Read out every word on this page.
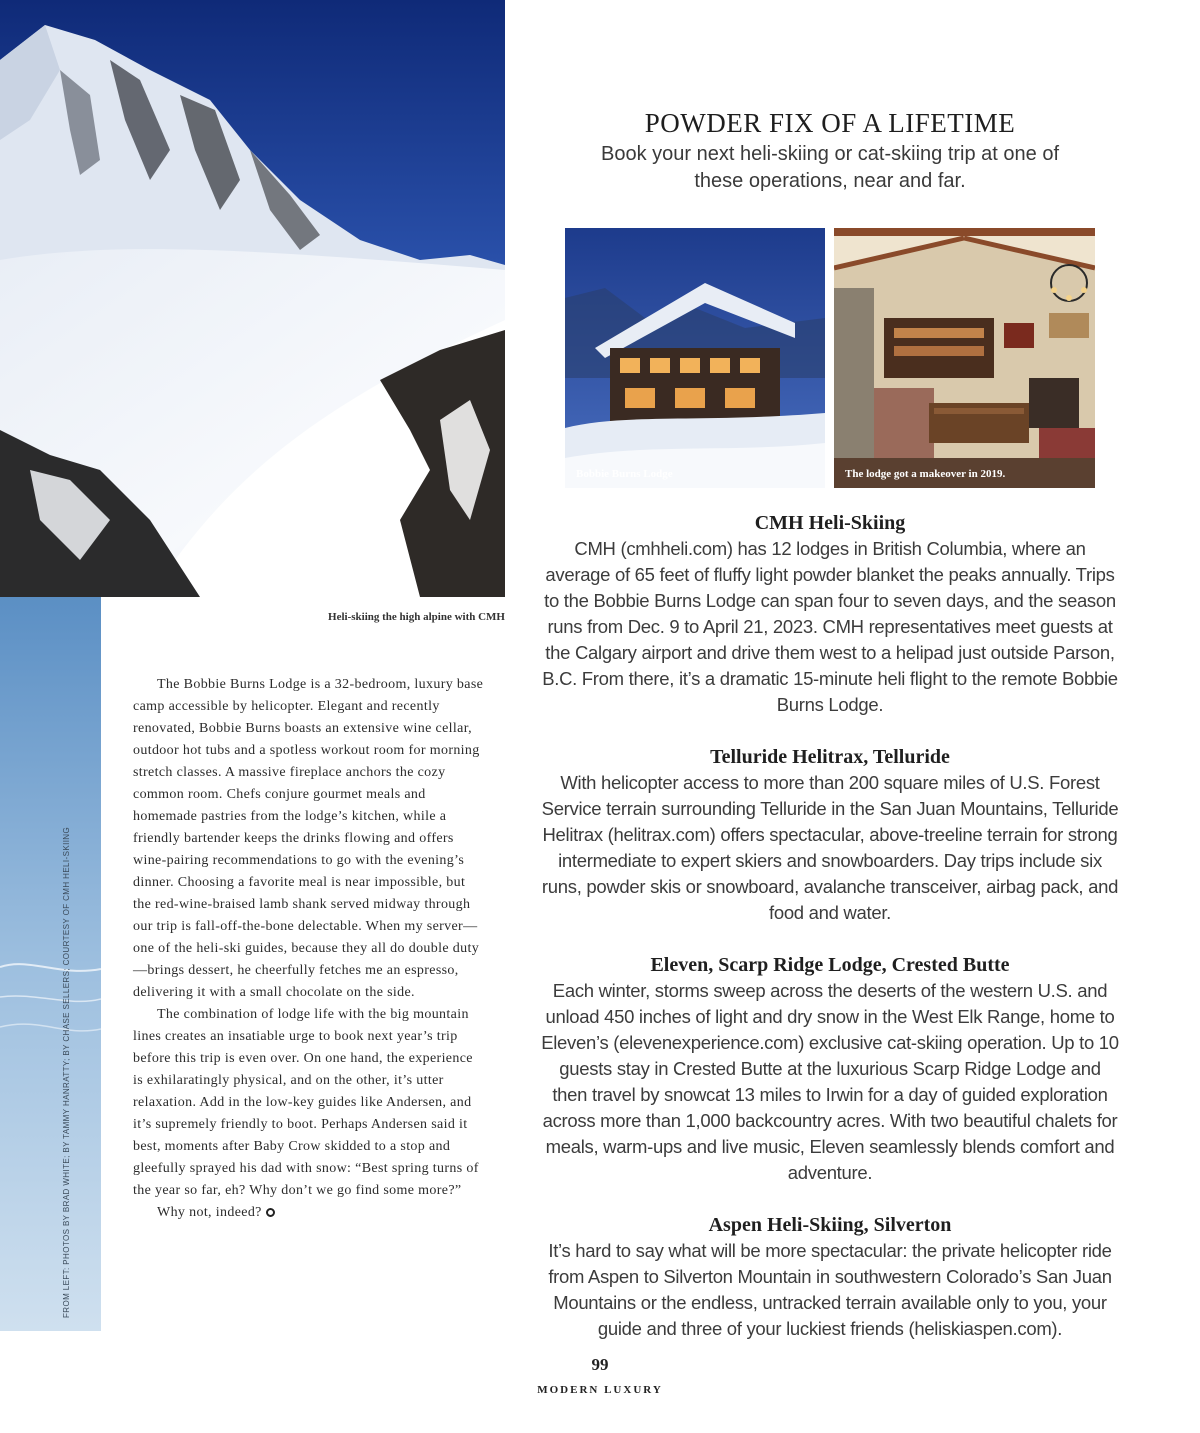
Heli-skiing the high alpine with CMH
FROM LEFT: PHOTOS BY BRAD WHITE; BY TAMMY HANRATTY; BY CHASE SELLERS; COURTESY OF CMH HELI-SKIING

The Bobbie Burns Lodge is a 32-bedroom, luxury base camp accessible by helicopter. Elegant and recently renovated, Bobbie Burns boasts an extensive wine cellar, outdoor hot tubs and a spotless workout room for morning stretch classes. A massive fireplace anchors the cozy common room. Chefs conjure gourmet meals and homemade pastries from the lodge’s kitchen, while a friendly bartender keeps the drinks flowing and offers wine-pairing recommendations to go with the evening’s dinner. Choosing a favorite meal is near impossible, but the red-wine-braised lamb shank served midway through our trip is fall-off-the-bone delectable. When my server—one of the heli-ski guides, because they all do double duty—brings dessert, he cheerfully fetches me an espresso, delivering it with a small chocolate on the side.

The combination of lodge life with the big mountain lines creates an insatiable urge to book next year’s trip before this trip is even over. On one hand, the experience is exhilaratingly physical, and on the other, it’s utter relaxation. Add in the low-key guides like Andersen, and it’s supremely friendly to boot. Perhaps Andersen said it best, moments after Baby Crow skidded to a stop and gleefully sprayed his dad with snow: “Best spring turns of the year so far, eh? Why don’t we go find some more?”

Why not, indeed?

POWDER FIX OF A LIFETIME
Book your next heli-skiing or cat-skiing trip at one of these operations, near and far.
Bobbie Burns Lodge	The lodge got a makeover in 2019.
CMH Heli-Skiing

CMH (cmhheli.com) has 12 lodges in British Columbia, where an average of 65 feet of fluffy light powder blanket the peaks annually. Trips to the Bobbie Burns Lodge can span four to seven days, and the season runs from Dec. 9 to April 21, 2023. CMH representatives meet guests at the Calgary airport and drive them west to a helipad just outside Parson, B.C. From there, it’s a dramatic 15-minute heli flight to the remote Bobbie Burns Lodge.

Telluride Helitrax, Telluride

With helicopter access to more than 200 square miles of U.S. Forest Service terrain surrounding Telluride in the San Juan Mountains, Telluride Helitrax (helitrax.com) offers spectacular, above-treeline terrain for strong intermediate to expert skiers and snowboarders. Day trips include six runs, powder skis or snowboard, avalanche transceiver, airbag pack, and food and water.

Eleven, Scarp Ridge Lodge, Crested Butte

Each winter, storms sweep across the deserts of the western U.S. and unload 450 inches of light and dry snow in the West Elk Range, home to Eleven’s (elevenexperience.com) exclusive cat-skiing operation. Up to 10 guests stay in Crested Butte at the luxurious Scarp Ridge Lodge and then travel by snowcat 13 miles to Irwin for a day of guided exploration across more than 1,000 backcountry acres. With two beautiful chalets for meals, warm-ups and live music, Eleven seamlessly blends comfort and adventure.

Aspen Heli-Skiing, Silverton

It’s hard to say what will be more spectacular: the private helicopter ride from Aspen to Silverton Mountain in southwestern Colorado’s San Juan Mountains or the endless, untracked terrain available only to you, your guide and three of your luckiest friends (heliskiaspen.com).

99
MODERN LUXURY
